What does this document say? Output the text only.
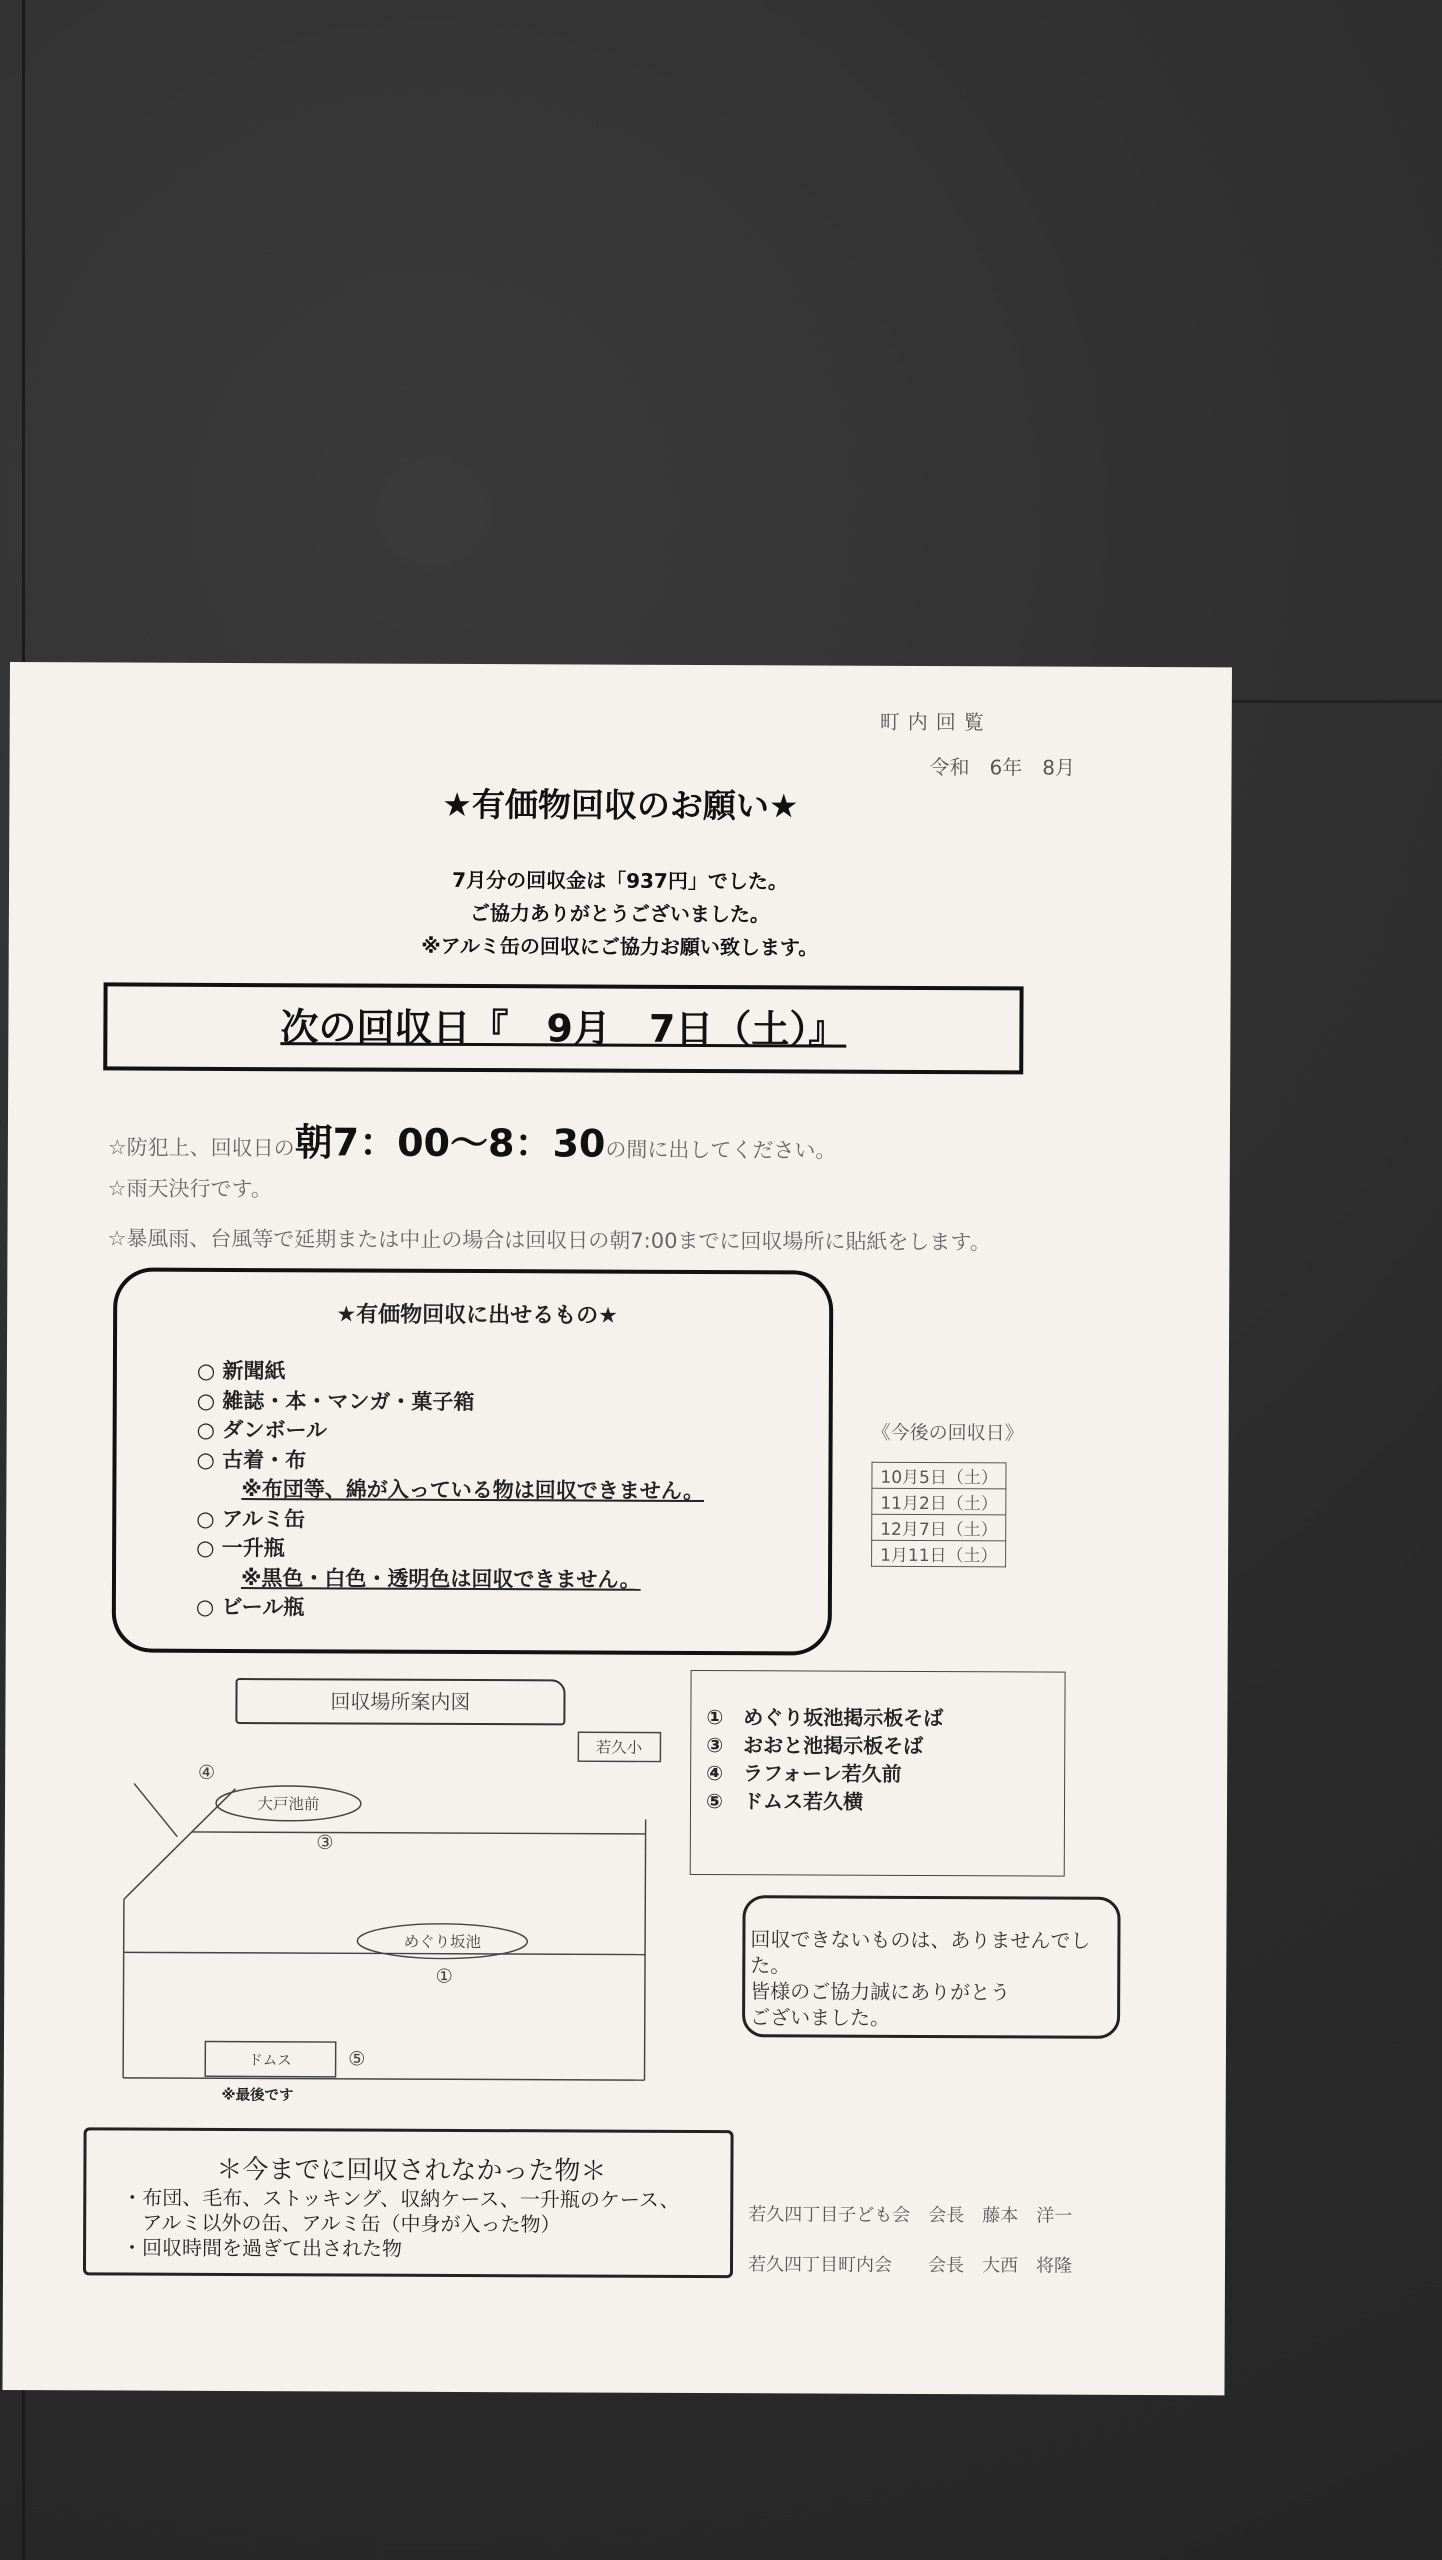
町内回覧
令和　6年　8月
★有価物回収のお願い★
7月分の回収金は「937円」でした。
ご協力ありがとうございました。
※アルミ缶の回収にご協力お願い致します。
次の回収日『　9月　7日（土）』
☆防犯上、回収日の朝7：00〜8：30の間に出してください。
☆雨天決行です。
☆暴風雨、台風等で延期または中止の場合は回収日の朝7:00までに回収場所に貼紙をします。
★有価物回収に出せるもの★
○ 新聞紙
○ 雑誌・本・マンガ・菓子箱
○ ダンボール
○ 古着・布
※布団等、綿が入っている物は回収できません。
○ アルミ缶
○ 一升瓶
※黒色・白色・透明色は回収できません。
○ ビール瓶
《今後の回収日》
10月5日（土）
11月2日（土）
12月7日（土）
1月11日（土）
大戸池前
めぐり坂池
若久小
ドムス
※最後です
④
③
①
⑤
回収場所案内図
①　めぐり坂池掲示板そば
③　おおと池掲示板そば
④　ラフォーレ若久前
⑤　ドムス若久横
回収できないものは、ありませんでした。
皆様のご協力誠にありがとう
ございました。
＊今までに回収されなかった物＊
・布団、毛布、ストッキング、収納ケース、一升瓶のケース、
　アルミ以外の缶、アルミ缶（中身が入った物）
・回収時間を過ぎて出された物
若久四丁目子ども会　会長　藤本　洋一
若久四丁目町内会　　会長　大西　将隆
